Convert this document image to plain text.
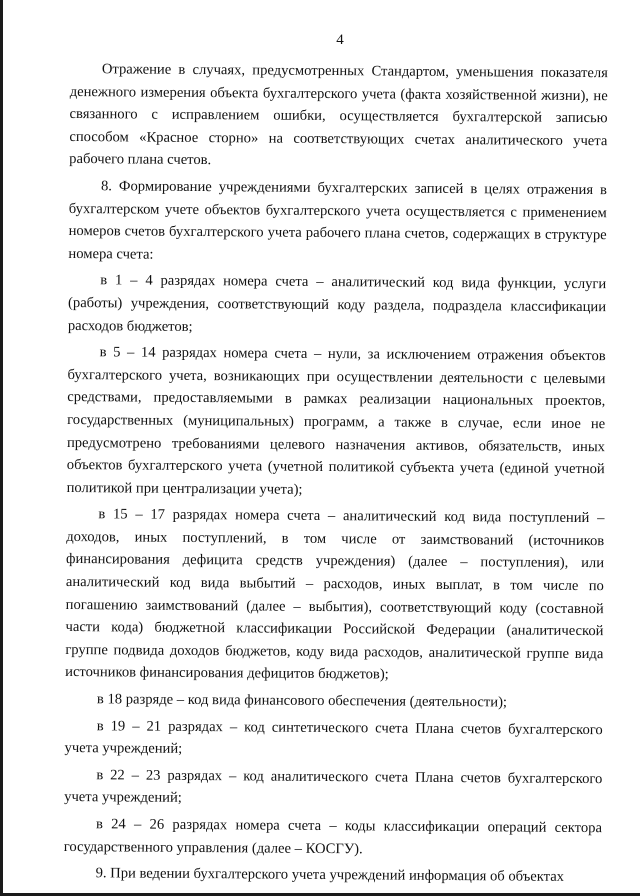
4

Отражение в случаях, предусмотренных Стандартом, уменьшения показателя денежного измерения объекта бухгалтерского учета (факта хозяйственной жизни), не связанного с исправлением ошибки, осуществляется бухгалтерской записью способом «Красное сторно» на соответствующих счетах аналитического учета рабочего плана счетов.

8. Формирование учреждениями бухгалтерских записей в целях отражения в бухгалтерском учете объектов бухгалтерского учета осуществляется с применением номеров счетов бухгалтерского учета рабочего плана счетов, содержащих в структуре номера счета:

в 1 – 4 разрядах номера счета – аналитический код вида функции, услуги (работы) учреждения, соответствующий коду раздела, подраздела классификации расходов бюджетов;

в 5 – 14 разрядах номера счета – нули, за исключением отражения объектов бухгалтерского учета, возникающих при осуществлении деятельности с целевыми средствами, предоставляемыми в рамках реализации национальных проектов, государственных (муниципальных) программ, а также в случае, если иное не предусмотрено требованиями целевого назначения активов, обязательств, иных объектов бухгалтерского учета (учетной политикой субъекта учета (единой учетной политикой при централизации учета);

в 15 – 17 разрядах номера счета – аналитический код вида поступлений – доходов, иных поступлений, в том числе от заимствований (источников финансирования дефицита средств учреждения) (далее – поступления), или аналитический код вида выбытий – расходов, иных выплат, в том числе по погашению заимствований (далее – выбытия), соответствующий коду (составной части кода) бюджетной классификации Российской Федерации (аналитической группе подвида доходов бюджетов, коду вида расходов, аналитической группе вида источников финансирования дефицитов бюджетов);

в 18 разряде – код вида финансового обеспечения (деятельности);

в 19 – 21 разрядах – код синтетического счета Плана счетов бухгалтерского учета учреждений;

в 22 – 23 разрядах – код аналитического счета Плана счетов бухгалтерского учета учреждений;

в 24 – 26 разрядах номера счета – коды классификации операций сектора государственного управления (далее – КОСГУ).

9. При ведении бухгалтерского учета учреждений информация об объектах
